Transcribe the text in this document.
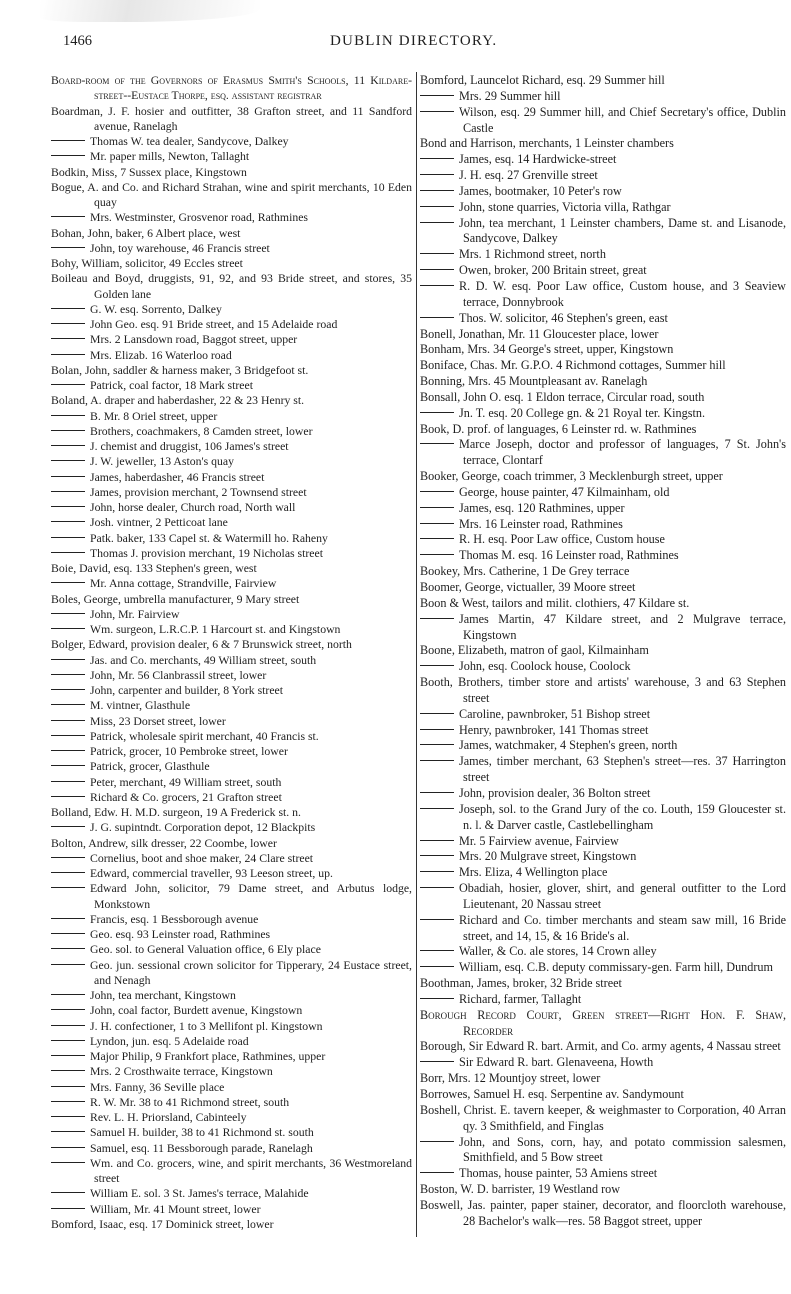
1466	DUBLIN DIRECTORY.
Board-room of the Governors of Erasmus Smith's Schools, 11 Kildare-street--Eustace Thorpe, esq. assistant registrar
Boardman, J. F. hosier and outfitter, 38 Grafton street, and 11 Sandford avenue, Ranelagh
Thomas W. tea dealer, Sandycove, Dalkey
Mr. paper mills, Newton, Tallaght
Bodkin, Miss, 7 Sussex place, Kingstown
Bogue, A. and Co. and Richard Strahan, wine and spirit merchants, 10 Eden quay
Mrs. Westminster, Grosvenor road, Rathmines
Bohan, John, baker, 6 Albert place, west
John, toy warehouse, 46 Francis street
Bohy, William, solicitor, 49 Eccles street
Boileau and Boyd, druggists, 91, 92, and 93 Bride street, and stores, 35 Golden lane
G. W. esq. Sorrento, Dalkey
John Geo. esq. 91 Bride street, and 15 Adelaide road
Mrs. 2 Lansdown road, Baggot street, upper
Mrs. Elizab. 16 Waterloo road
Bolan, John, saddler & harness maker, 3 Bridgefoot st.
Patrick, coal factor, 18 Mark street
Boland, A. draper and haberdasher, 22 & 23 Henry st.
B. Mr. 8 Oriel street, upper
Brothers, coachmakers, 8 Camden street, lower
J. chemist and druggist, 106 James's street
J. W. jeweller, 13 Aston's quay
James, haberdasher, 46 Francis street
James, provision merchant, 2 Townsend street
John, horse dealer, Church road, North wall
Josh. vintner, 2 Petticoat lane
Patk. baker, 133 Capel st. & Watermill ho. Raheny
Thomas J. provision merchant, 19 Nicholas street
Boie, David, esq. 133 Stephen's green, west
Mr. Anna cottage, Strandville, Fairview
Boles, George, umbrella manufacturer, 9 Mary street
John, Mr. Fairview
Wm. surgeon, L.R.C.P. 1 Harcourt st. and Kingstown
Bolger, Edward, provision dealer, 6 & 7 Brunswick street, north
Jas. and Co. merchants, 49 William street, south
John, Mr. 56 Clanbrassil street, lower
John, carpenter and builder, 8 York street
M. vintner, Glasthule
Miss, 23 Dorset street, lower
Patrick, wholesale spirit merchant, 40 Francis st.
Patrick, grocer, 10 Pembroke street, lower
Patrick, grocer, Glasthule
Peter, merchant, 49 William street, south
Richard & Co. grocers, 21 Grafton street
Bolland, Edw. H. M.D. surgeon, 19 A Frederick st. n.
J. G. supintndt. Corporation depot, 12 Blackpits
Bolton, Andrew, silk dresser, 22 Coombe, lower
Cornelius, boot and shoe maker, 24 Clare street
Edward, commercial traveller, 93 Leeson street, up.
Edward John, solicitor, 79 Dame street, and Arbutus lodge, Monkstown
Francis, esq. 1 Bessborough avenue
Geo. esq. 93 Leinster road, Rathmines
Geo. sol. to General Valuation office, 6 Ely place
Geo. jun. sessional crown solicitor for Tipperary, 24 Eustace street, and Nenagh
John, tea merchant, Kingstown
John, coal factor, Burdett avenue, Kingstown
J. H. confectioner, 1 to 3 Mellifont pl. Kingstown
Lyndon, jun. esq. 5 Adelaide road
Major Philip, 9 Frankfort place, Rathmines, upper
Mrs. 2 Crosthwaite terrace, Kingstown
Mrs. Fanny, 36 Seville place
R. W. Mr. 38 to 41 Richmond street, south
Rev. L. H. Priorsland, Cabinteely
Samuel H. builder, 38 to 41 Richmond st. south
Samuel, esq. 11 Bessborough parade, Ranelagh
Wm. and Co. grocers, wine, and spirit merchants, 36 Westmoreland street
William E. sol. 3 St. James's terrace, Malahide
William, Mr. 41 Mount street, lower
Bomford, Isaac, esq. 17 Dominick street, lower
Bomford, Launcelot Richard, esq. 29 Summer hill
Mrs. 29 Summer hill
Wilson, esq. 29 Summer hill, and Chief Secretary's office, Dublin Castle
Bond and Harrison, merchants, 1 Leinster chambers
James, esq. 14 Hardwicke-street
J. H. esq. 27 Grenville street
James, bootmaker, 10 Peter's row
John, stone quarries, Victoria villa, Rathgar
John, tea merchant, 1 Leinster chambers, Dame st. and Lisanode, Sandycove, Dalkey
Mrs. 1 Richmond street, north
Owen, broker, 200 Britain street, great
R. D. W. esq. Poor Law office, Custom house, and 3 Seaview terrace, Donnybrook
Thos. W. solicitor, 46 Stephen's green, east
Bonell, Jonathan, Mr. 11 Gloucester place, lower
Bonham, Mrs. 34 George's street, upper, Kingstown
Boniface, Chas. Mr. G.P.O. 4 Richmond cottages, Summer hill
Bonning, Mrs. 45 Mountpleasant av. Ranelagh
Bonsall, John O. esq. 1 Eldon terrace, Circular road, south
Jn. T. esq. 20 College gn. & 21 Royal ter. Kingstn.
Book, D. prof. of languages, 6 Leinster rd. w. Rathmines
Marce Joseph, doctor and professor of languages, 7 St. John's terrace, Clontarf
Booker, George, coach trimmer, 3 Mecklenburgh street, upper
George, house painter, 47 Kilmainham, old
James, esq. 120 Rathmines, upper
Mrs. 16 Leinster road, Rathmines
R. H. esq. Poor Law office, Custom house
Thomas M. esq. 16 Leinster road, Rathmines
Bookey, Mrs. Catherine, 1 De Grey terrace
Boomer, George, victualler, 39 Moore street
Boon & West, tailors and milit. clothiers, 47 Kildare st.
James Martin, 47 Kildare street, and 2 Mulgrave terrace, Kingstown
Boone, Elizabeth, matron of gaol, Kilmainham
John, esq. Coolock house, Coolock
Booth, Brothers, timber store and artists' warehouse, 3 and 63 Stephen street
Caroline, pawnbroker, 51 Bishop street
Henry, pawnbroker, 141 Thomas street
James, watchmaker, 4 Stephen's green, north
James, timber merchant, 63 Stephen's street—res. 37 Harrington street
John, provision dealer, 36 Bolton street
Joseph, sol. to the Grand Jury of the co. Louth, 159 Gloucester st. n. l. & Darver castle, Castlebellingham
Mr. 5 Fairview avenue, Fairview
Mrs. 20 Mulgrave street, Kingstown
Mrs. Eliza, 4 Wellington place
Obadiah, hosier, glover, shirt, and general outfitter to the Lord Lieutenant, 20 Nassau street
Richard and Co. timber merchants and steam saw mill, 16 Bride street, and 14, 15, & 16 Bride's al.
Waller, & Co. ale stores, 14 Crown alley
William, esq. C.B. deputy commissary-gen. Farm hill, Dundrum
Boothman, James, broker, 32 Bride street
Richard, farmer, Tallaght
Borough Record Court, Green street—Right Hon. F. Shaw, Recorder
Borough, Sir Edward R. bart. Armit, and Co. army agents, 4 Nassau street
Sir Edward R. bart. Glenaveena, Howth
Borr, Mrs. 12 Mountjoy street, lower
Borrowes, Samuel H. esq. Serpentine av. Sandymount
Boshell, Christ. E. tavern keeper, & weighmaster to Corporation, 40 Arran qy. 3 Smithfield, and Finglas
John, and Sons, corn, hay, and potato commission salesmen, Smithfield, and 5 Bow street
Thomas, house painter, 53 Amiens street
Boston, W. D. barrister, 19 Westland row
Boswell, Jas. painter, paper stainer, decorator, and floorcloth warehouse, 28 Bachelor's walk—res. 58 Baggot street, upper
